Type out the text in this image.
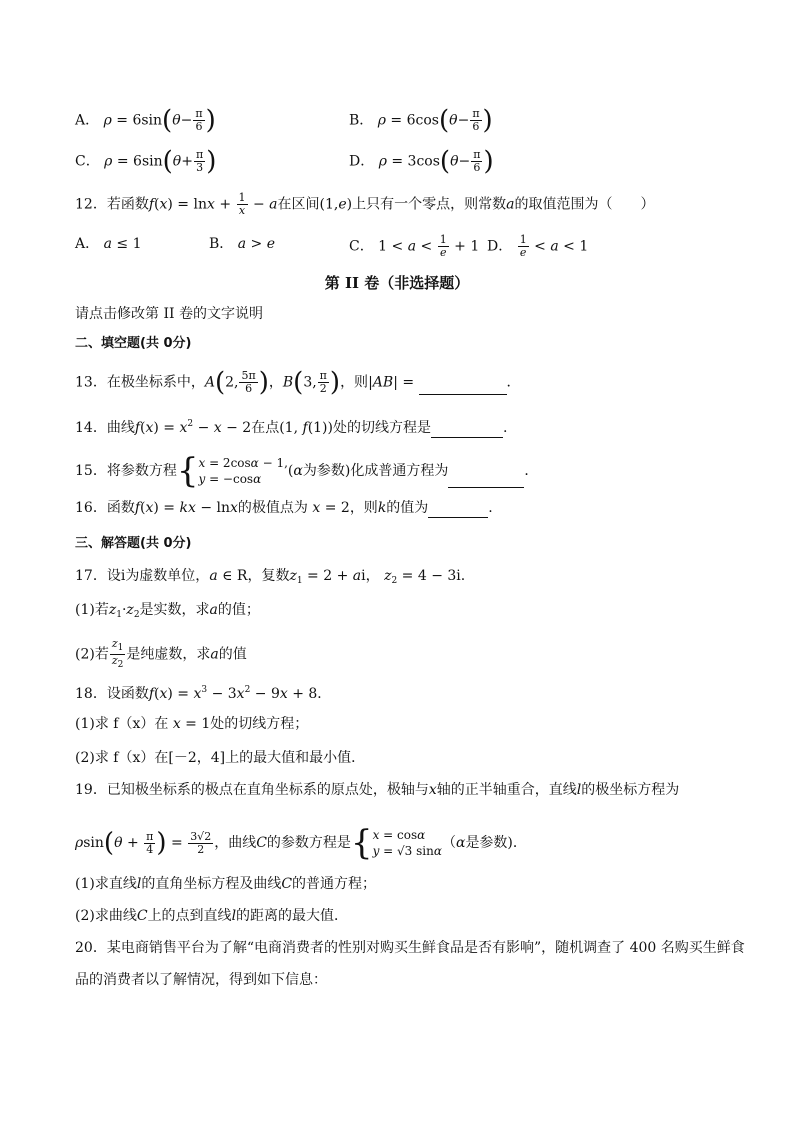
A． $\rho = 6\sin(\theta- \frac{\pi}{6}$ )	B． $\rho = 6\cos(\theta- \frac{\pi}{6}$ )
C． $\rho = 6\sin(\theta+ \frac{\pi}{3}$ )	D． $\rho = 3\cos(\theta- \frac{\pi}{6}$ )
12．若函数$f(x) = \ln x + \frac{1}{x} - a$在区间(1,e)上只有一个零点，则常数a的取值范围为（　　）
A． a ≤ 1	B． a > e	C． $1 < a < \frac{1}{e} + 1$ D． $\frac{1}{e} < a < 1$
第 II 卷（非选择题）
请点击修改第 II 卷的文字说明
二、填空题(共 0分)
13．在极坐标系中，A(2, $\frac{5\pi}{6}$ )，B(3, $\frac{\pi}{2}$ )，则|AB| =	．
14．曲线$f(x) = x^2 - x - 2$在点(1, f(1))处的切线方程是	.
15．将参数方程{ x = 2cosα − 1,
y = −cosα	(α为参数)化成普通方程为	．
16．函数f(x) = kx − lnx的极值点为 x = 2，则k的值为	.
三、解答题(共 0分)
17．设i为虚数单位，a ∈ R，复数$z_1 = 2$ + ai， $z_2 = 4 - 3i$.
(1)若$z_1\cdot z_2$是实数，求a的值；
(2)若 $\frac{z_1}{z_2}$ 是纯虚数，求a的值
18．设函数$f(x) = x^3 - 3x^2 - 9x + 8$．
(1)求 f（x）在 x = 1处的切线方程；
(2)求 f（x）在[－2，4]上的最大值和最小值．
19．已知极坐标系的极点在直角坐标系的原点处，极轴与x轴的正半轴重合，直线l的极坐标方程为
$\rho\sin(\theta + \frac{\pi}{4}$ ) = $\frac{3√2}{2}$ ，曲线C的参数方程是{ x = cosα
y = √3 sinα （α是参数)．
(1)求直线l的直角坐标方程及曲线C的普通方程；
(2)求曲线C上的点到直线l的距离的最大值．
20．某电商销售平台为了解“电商消费者的性别对购买生鲜食品是否有影响”，随机调查了 400 名购买生鲜食
品的消费者以了解情况，得到如下信息：
